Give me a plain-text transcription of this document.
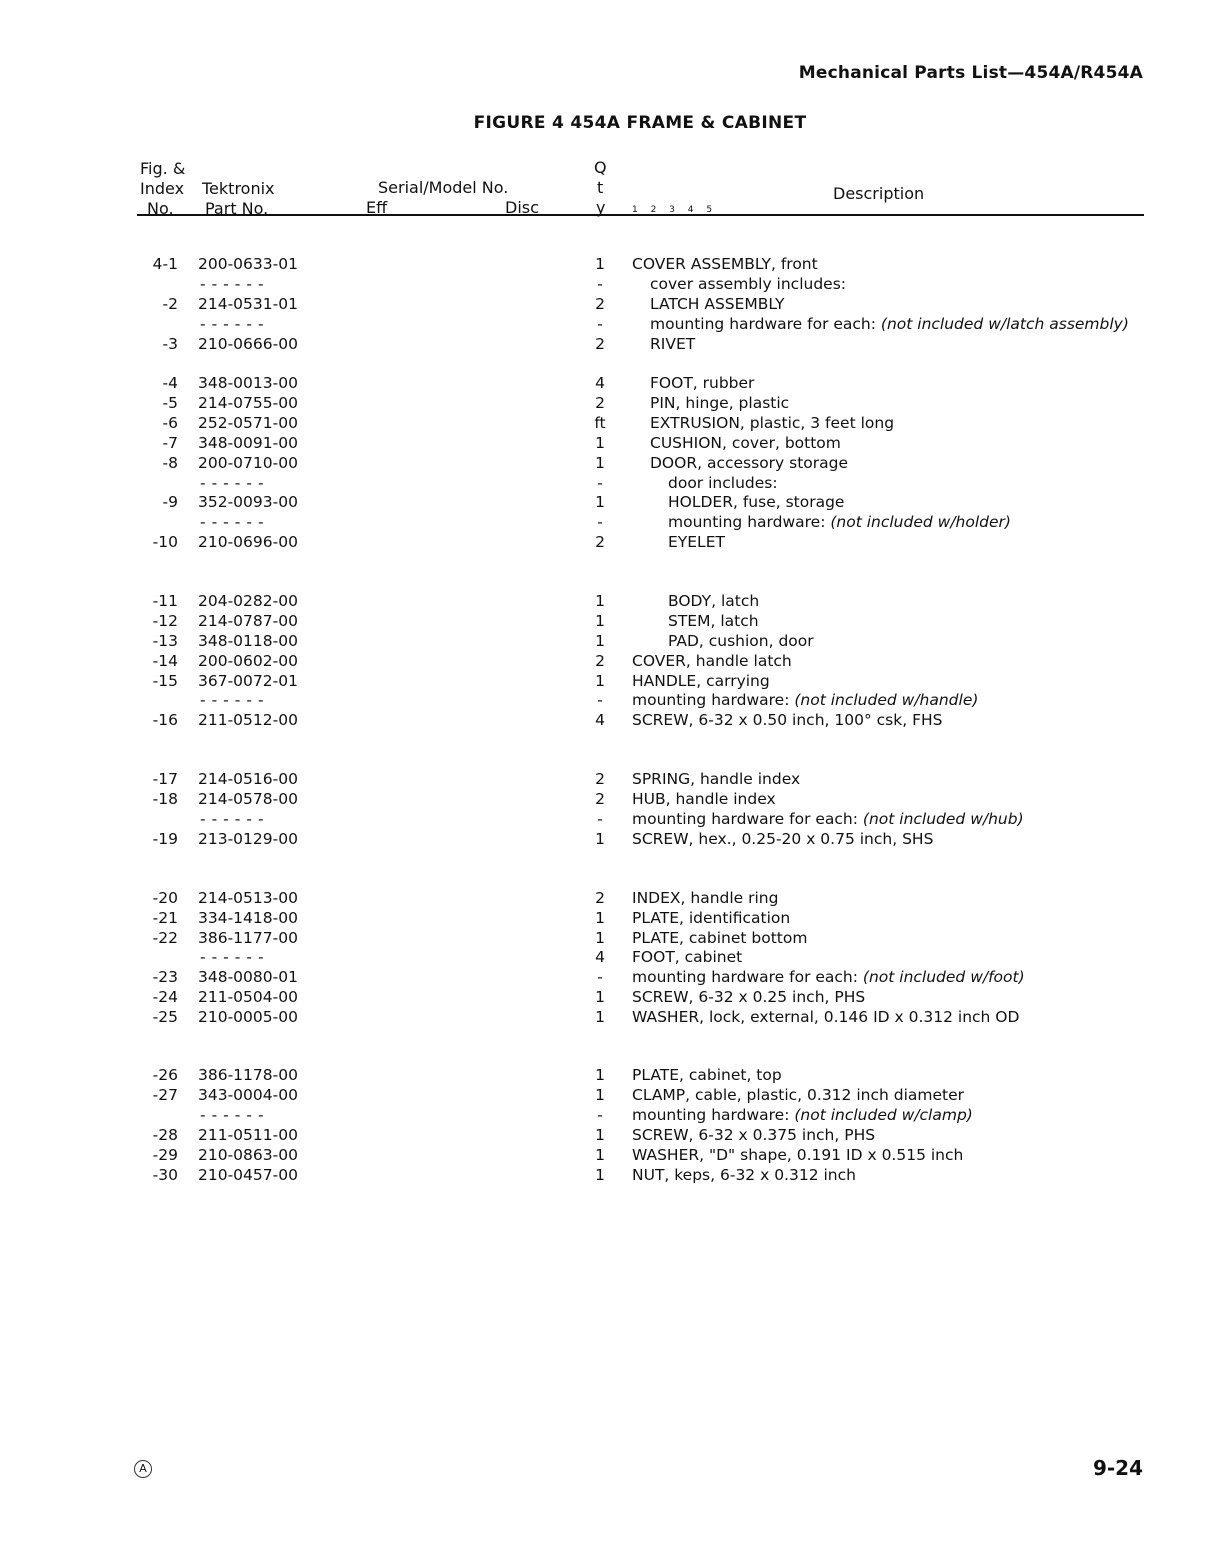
Mechanical Parts List—454A/R454A
FIGURE 4 454A FRAME & CABINET
Fig. &
Index
No.
Tektronix
Part No.
Serial/Model No.
Eff	Disc
Q
t
y	1 2 3 4 5
Description
4-1 200-0633-01	1	COVER ASSEMBLY, front
------	-	cover assembly includes:
-2 214-0531-01	2	LATCH ASSEMBLY
------	-	mounting hardware for each: (not included w/latch assembly)
-3 210-0666-00	2	RIVET
-4 348-0013-00	4	FOOT, rubber
-5 214-0755-00	2	PIN, hinge, plastic
-6 252-0571-00	ft	EXTRUSION, plastic, 3 feet long
-7 348-0091-00	1	CUSHION, cover, bottom
-8 200-0710-00	1	DOOR, accessory storage
------	-	door includes:
-9 352-0093-00	1	HOLDER, fuse, storage
------	-	mounting hardware: (not included w/holder)
-10 210-0696-00	2	EYELET
-11 204-0282-00	1	BODY, latch
-12 214-0787-00	1	STEM, latch
-13 348-0118-00	1	PAD, cushion, door
-14 200-0602-00	2	COVER, handle latch
-15 367-0072-01	1	HANDLE, carrying
------	-	mounting hardware: (not included w/handle)
-16 211-0512-00	4	SCREW, 6-32 x 0.50 inch, 100° csk, FHS
-17 214-0516-00	2	SPRING, handle index
-18 214-0578-00	2	HUB, handle index
------	-	mounting hardware for each: (not included w/hub)
-19 213-0129-00	1	SCREW, hex., 0.25-20 x 0.75 inch, SHS
-20 214-0513-00	2	INDEX, handle ring
-21 334-1418-00	1	PLATE, identification
-22 386-1177-00	1	PLATE, cabinet bottom
------	4	FOOT, cabinet
-23 348-0080-01	-	mounting hardware for each: (not included w/foot)
-24 211-0504-00	1	SCREW, 6-32 x 0.25 inch, PHS
-25 210-0005-00	1	WASHER, lock, external, 0.146 ID x 0.312 inch OD
-26 386-1178-00	1	PLATE, cabinet, top
-27 343-0004-00	1	CLAMP, cable, plastic, 0.312 inch diameter
------	-	mounting hardware: (not included w/clamp)
-28 211-0511-00	1	SCREW, 6-32 x 0.375 inch, PHS
-29 210-0863-00	1	WASHER, "D" shape, 0.191 ID x 0.515 inch
-30 210-0457-00	1	NUT, keps, 6-32 x 0.312 inch
A	9-24
